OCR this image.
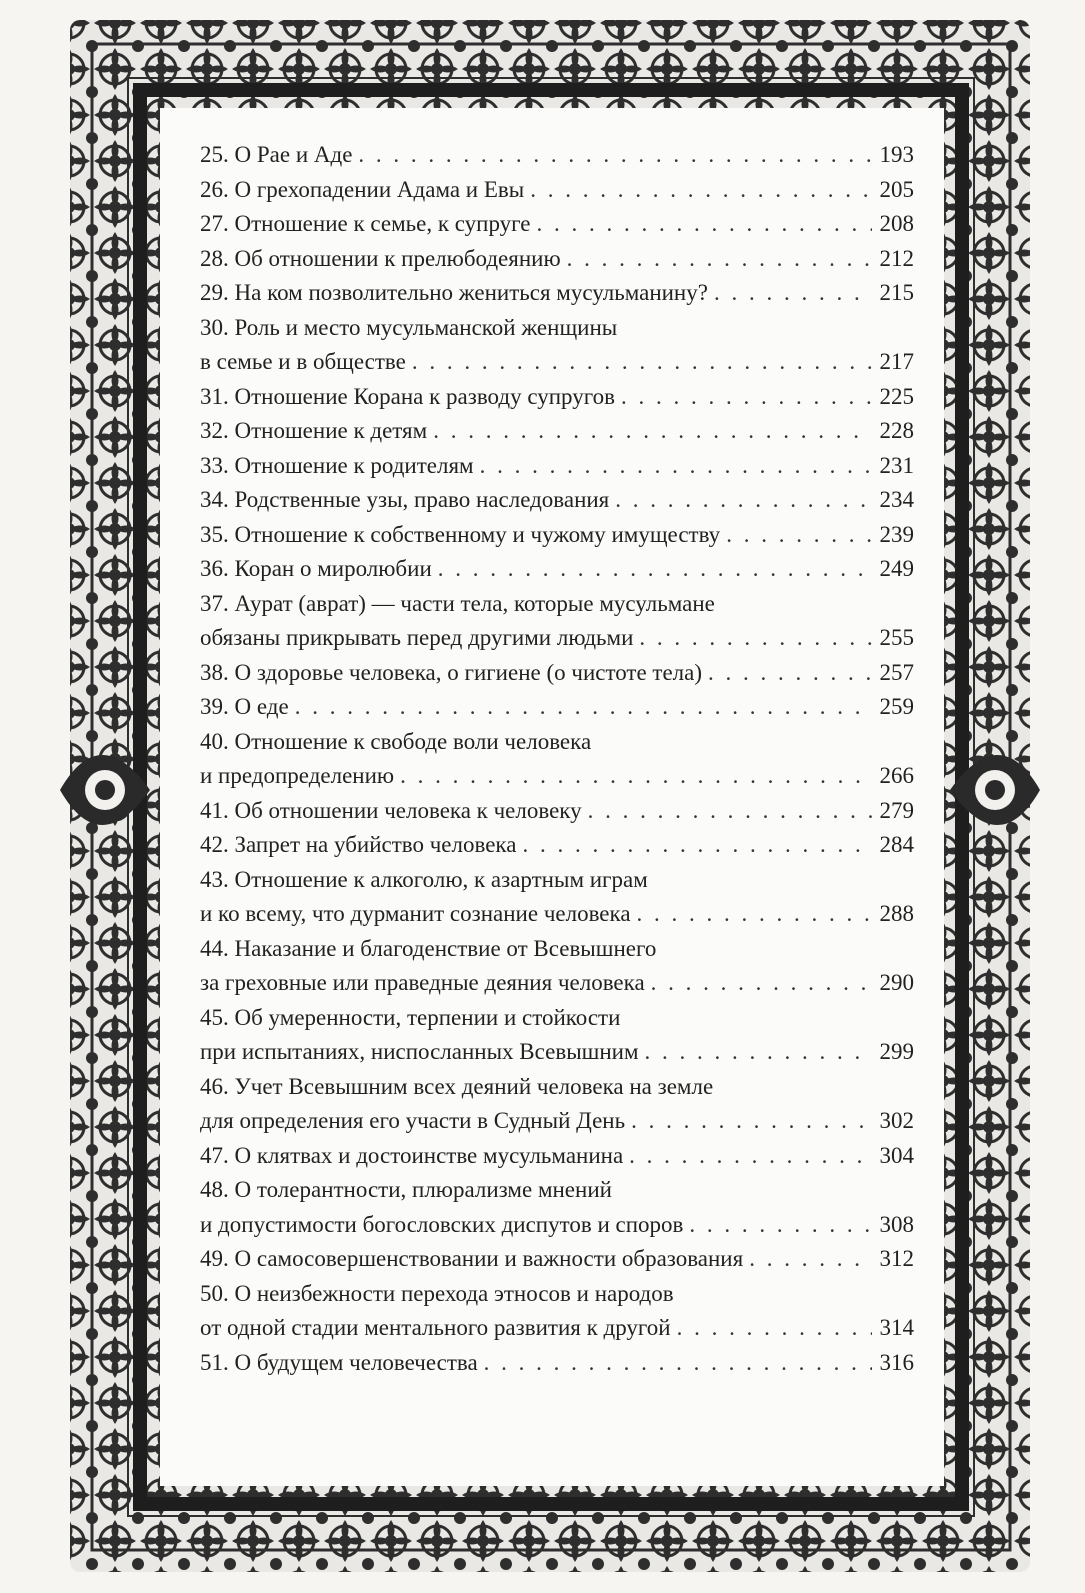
25. О Рае и Аде . . .	193
26. О грехопадении Адама и Евы . . .	205
27. Отношение к семье, к супруге . . .	208
28. Об отношении к прелюбодеянию . . .	212
29. На ком позволительно жениться мусульманину? . . .	215
30. Роль и место мусульманской женщины
в семье и в обществе . . .	217
31. Отношение Корана к разводу супругов . . .	225
32. Отношение к детям . . .	228
33. Отношение к родителям . . .	231
34. Родственные узы, право наследования . . .	234
35. Отношение к собственному и чужому имуществу . . .	239
36. Коран о миролюбии . . .	249
37. Аурат (аврат) — части тела, которые мусульмане
обязаны прикрывать перед другими людьми . . .	255
38. О здоровье человека, о гигиене (о чистоте тела) . . .	257
39. О еде . . .	259
40. Отношение к свободе воли человека
и предопределению . . .	266
41. Об отношении человека к человеку . . .	279
42. Запрет на убийство человека . . .	284
43. Отношение к алкоголю, к азартным играм
и ко всему, что дурманит сознание человека . . .	288
44. Наказание и благоденствие от Всевышнего
за греховные или праведные деяния человека . . .	290
45. Об умеренности, терпении и стойкости
при испытаниях, ниспосланных Всевышним . . .	299
46. Учет Всевышним всех деяний человека на земле
для определения его участи в Судный День . . .	302
47. О клятвах и достоинстве мусульманина . . .	304
48. О толерантности, плюрализме мнений
и допустимости богословских диспутов и споров . . .	308
49. О самосовершенствовании и важности образования . . .	312
50. О неизбежности перехода этносов и народов
от одной стадии ментального развития к другой . . .	314
51. О будущем человечества . . .	316
